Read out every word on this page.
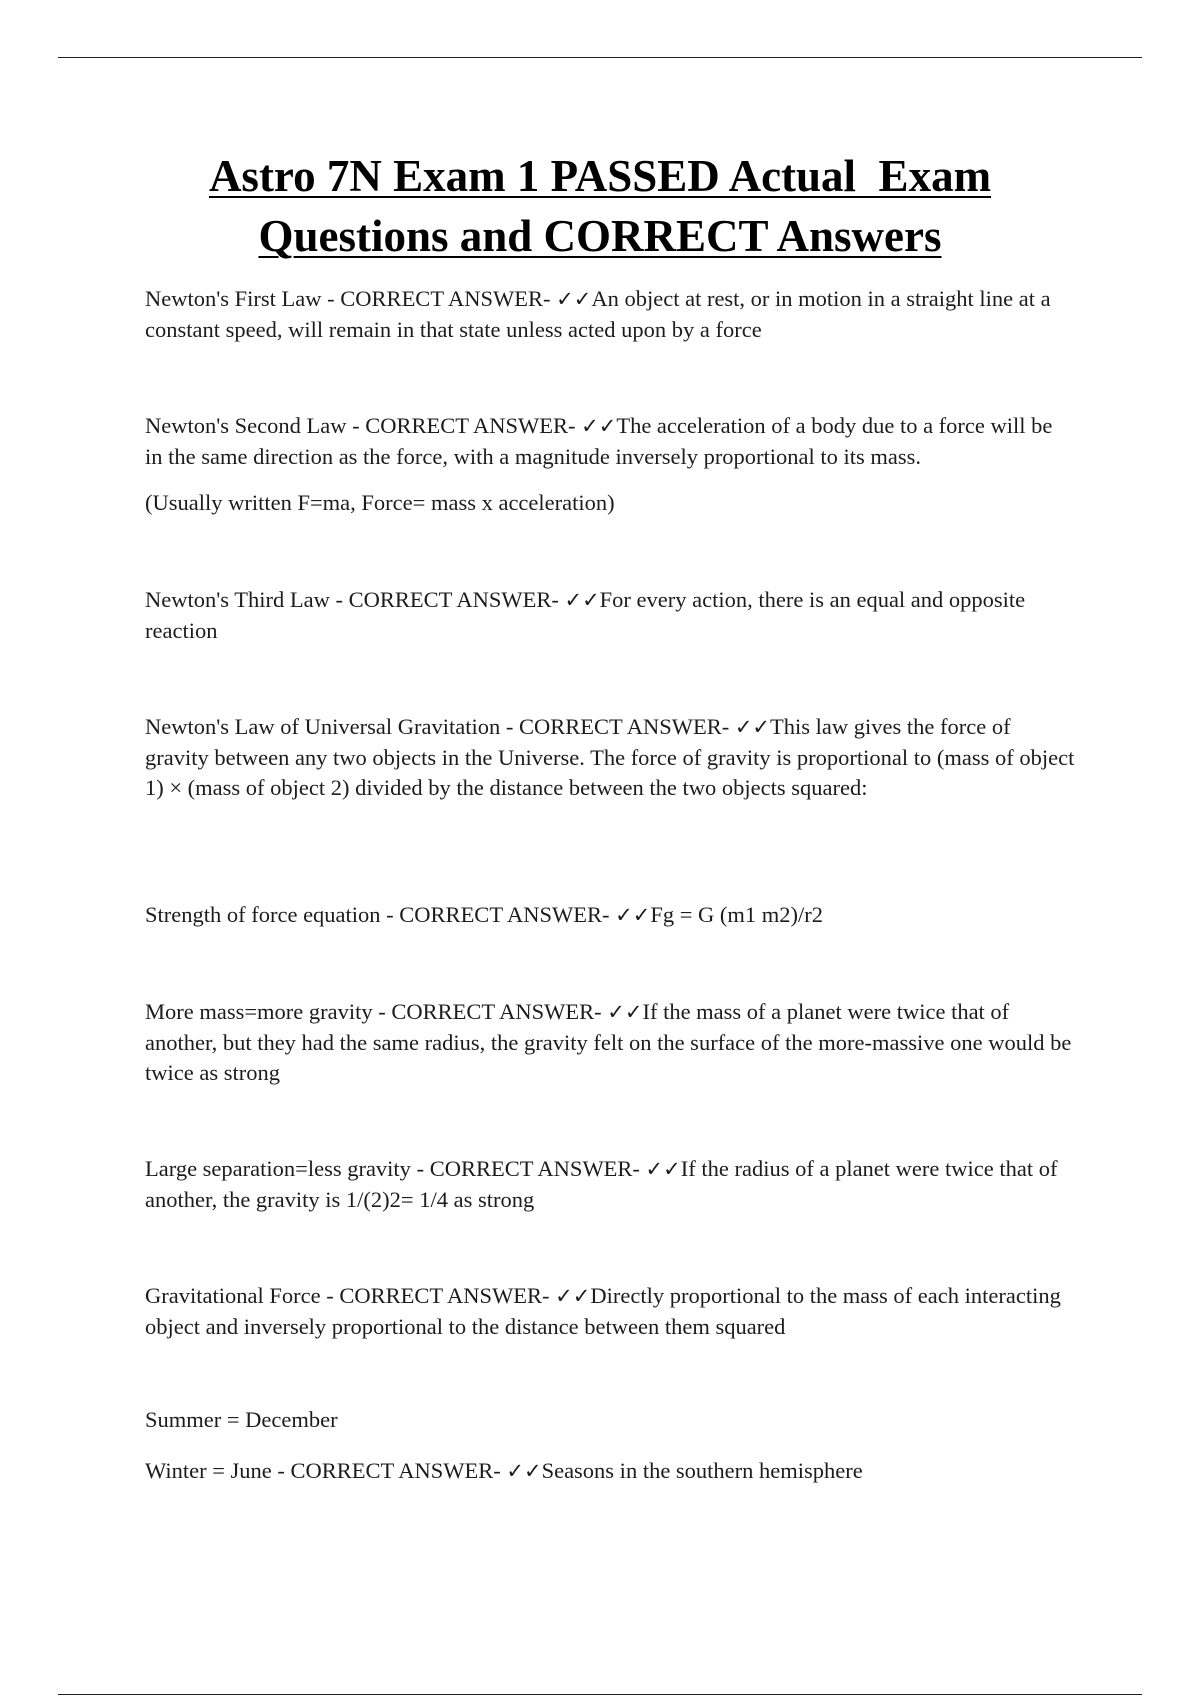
Astro 7N Exam 1 PASSED Actual  Exam
Questions and CORRECT Answers

Newton's First Law - CORRECT ANSWER- ✓✓An object at rest, or in motion in a straight line at a constant speed, will remain in that state unless acted upon by a force

Newton's Second Law - CORRECT ANSWER- ✓✓The acceleration of a body due to a force will be in the same direction as the force, with a magnitude inversely proportional to its mass.

(Usually written F=ma, Force= mass x acceleration)

Newton's Third Law - CORRECT ANSWER- ✓✓For every action, there is an equal and opposite reaction

Newton's Law of Universal Gravitation - CORRECT ANSWER- ✓✓This law gives the force of gravity between any two objects in the Universe. The force of gravity is proportional to (mass of object 1) × (mass of object 2) divided by the distance between the two objects squared:

Strength of force equation - CORRECT ANSWER- ✓✓Fg = G (m1 m2)/r2

More mass=more gravity - CORRECT ANSWER- ✓✓If the mass of a planet were twice that of another, but they had the same radius, the gravity felt on the surface of the more-massive one would be twice as strong

Large separation=less gravity - CORRECT ANSWER- ✓✓If the radius of a planet were twice that of another, the gravity is 1/(2)2= 1/4 as strong

Gravitational Force - CORRECT ANSWER- ✓✓Directly proportional to the mass of each interacting object and inversely proportional to the distance between them squared

Summer = December

Winter = June - CORRECT ANSWER- ✓✓Seasons in the southern hemisphere
